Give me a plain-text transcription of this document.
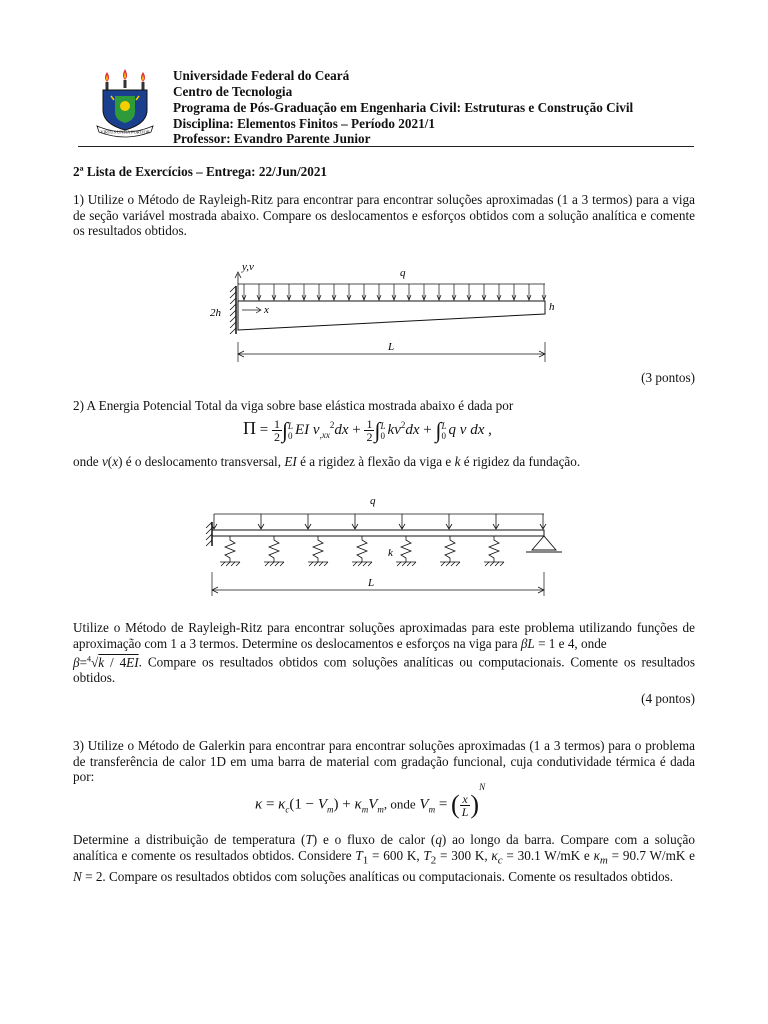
VIRTUS UNITA FORTIOR
Universidade Federal do Ceará
Centro de Tecnologia
Programa de Pós-Graduação em Engenharia Civil: Estruturas e Construção Civil
Disciplina: Elementos Finitos – Período 2021/1
Professor: Evandro Parente Junior
2ª Lista de Exercícios – Entrega: 22/Jun/2021
1) Utilize o Método de Rayleigh-Ritz para encontrar para encontrar soluções aproximadas (1 a 3 termos) para a viga de seção variável mostrada abaixo. Compare os deslocamentos e esforços obtidos com a solução analítica e comente os resultados obtidos.
y,v	q
x
2h	h
L
(3 pontos)
2) A Energia Potencial Total da viga sobre base elástica mostrada abaixo é dada por
$\Pi = \frac{1}{2}$ ∫ L
0 EI $v_{,xx}^2dx + \frac{1}{2}$ ∫ L
0 $kv^2dx$ + ∫ L
0 q v dx ,
onde v(x) é o deslocamento transversal, EI é a rigidez à flexão da viga e k é rigidez da fundação.
q
k
L
Utilize o Método de Rayleigh-Ritz para encontrar soluções aproximadas para este problema utilizando funções de aproximação com 1 a 3 termos. Determine os deslocamentos e esforços na viga para βL = 1 e 4, onde
β=$^4$√k / 4EI. Compare os resultados obtidos com soluções analíticas ou computacionais. Comente os resultados obtidos.
(4 pontos)
3) Utilize o Método de Galerkin para encontrar para encontrar soluções aproximadas (1 a 3 termos) para o problema de transferência de calor 1D em uma barra de material com gradação funcional, cuja condutividade térmica é dada por:
$\kappa = \kappa_c(1 - V_m) + \kappa_mV_m$, onde $V_m$ = ( $\frac{x}{L} )^N$
Determine a distribuição de temperatura (T) e o fluxo de calor (q) ao longo da barra. Compare com a solução analítica e comente os resultados obtidos. Considere $T_1 = 600$ K, $T_2 = 300$ K, $\kappa_c = 30.1$ W/mK e $\kappa_m = 90.7$ W/mK e N = 2. Compare os resultados obtidos com soluções analíticas ou computacionais. Comente os resultados obtidos.
